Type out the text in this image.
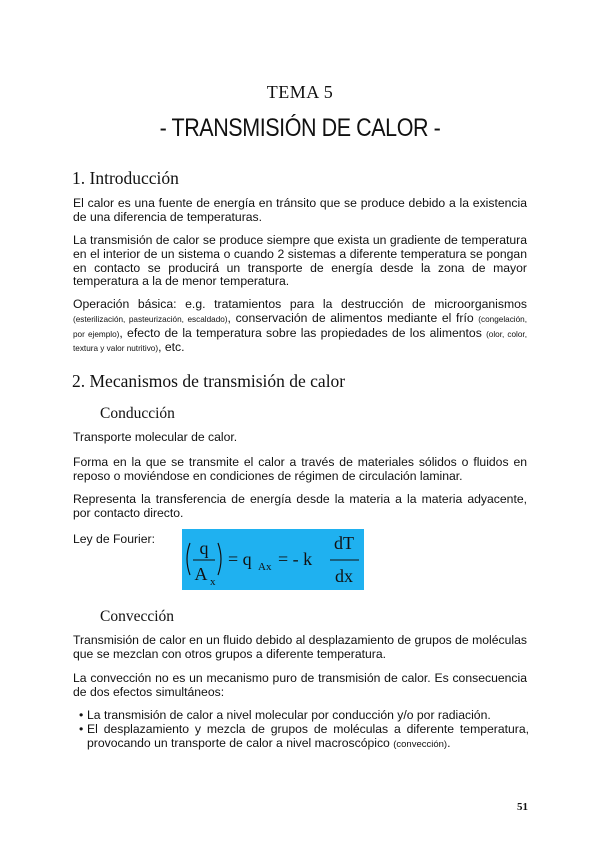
TEMA 5
- TRANSMISIÓN DE CALOR -
1. Introducción

El calor es una fuente de energía en tránsito que se produce debido a la existencia de una diferencia de temperaturas.

La transmisión de calor se produce siempre que exista un gradiente de temperatura en el interior de un sistema o cuando 2 sistemas a diferente temperatura se pongan en contacto se producirá un transporte de energía desde la zona de mayor temperatura a la de menor temperatura.

Operación básica: e.g. tratamientos para la destrucción de microorganismos (esterilización, pasteurización, escaldado), conservación de alimentos mediante el frío (congelación, por ejemplo), efecto de la temperatura sobre las propiedades de los alimentos (olor, color, textura y valor nutritivo), etc.

2. Mecanismos de transmisión de calor
Conducción

Transporte molecular de calor.

Forma en la que se transmite el calor a través de materiales sólidos o fluidos en reposo o moviéndose en condiciones de régimen de circulación laminar.

Representa la transferencia de energía desde la materia a la materia adyacente, por contacto directo.

Ley de Fourier: q
A x
= q Ax = - k
dT
dx
Convección

Transmisión de calor en un fluido debido al desplazamiento de grupos de moléculas que se mezclan con otros grupos a diferente temperatura.

La convección no es un mecanismo puro de transmisión de calor. Es consecuencia de dos efectos simultáneos:

• La transmisión de calor a nivel molecular por conducción y/o por radiación.
• El desplazamiento y mezcla de grupos de moléculas a diferente temperatura, provocando un transporte de calor a nivel macroscópico (convección).
51
